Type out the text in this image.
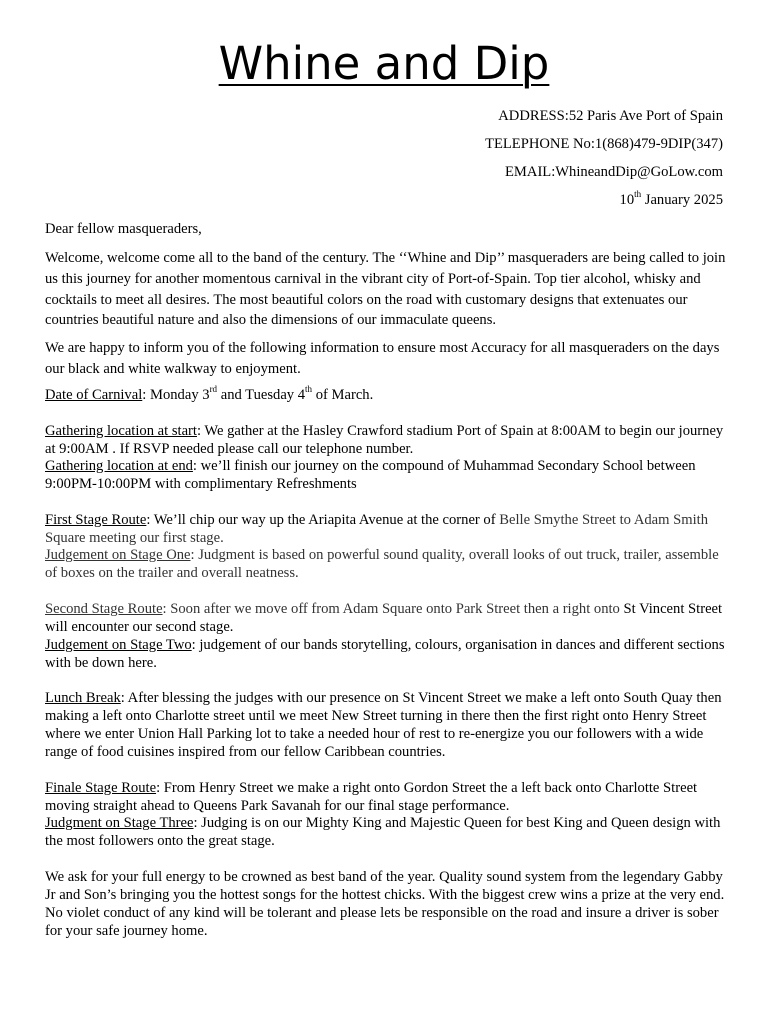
Whine and Dip
ADDRESS:52 Paris Ave Port of Spain
TELEPHONE No:1(868)479-9DIP(347)
EMAIL:WhineandDip@GoLow.com
10th January 2025
Dear fellow masqueraders,
Welcome, welcome come all to the band of the century. The ‘‘Whine and Dip’’ masqueraders are being called to join us this journey for another momentous carnival in the vibrant city of Port-of-Spain. Top tier alcohol, whisky and cocktails to meet all desires. The most beautiful colors on the road with customary designs that extenuates our countries beautiful nature and also the dimensions of our immaculate queens.
We are happy to inform you of the following information to ensure most Accuracy for all masqueraders on the days our black and white walkway to enjoyment.
Date of Carnival: Monday 3rd and Tuesday 4th of March.
Gathering location at start: We gather at the Hasley Crawford stadium Port of Spain at 8:00AM to begin our journey at 9:00AM . If RSVP needed please call our telephone number.
Gathering location at end: we’ll finish our journey on the compound of Muhammad Secondary School between 9:00PM-10:00PM with complimentary Refreshments
First Stage Route: We’ll chip our way up the Ariapita Avenue at the corner of Belle Smythe Street to Adam Smith Square meeting our first stage.
Judgement on Stage One: Judgment is based on powerful sound quality, overall looks of out truck, trailer, assemble of boxes on the trailer and overall neatness.
Second Stage Route: Soon after we move off from Adam Square onto Park Street then a right onto St Vincent Street will encounter our second stage.
Judgement on Stage Two: judgement of our bands storytelling, colours, organisation in dances and different sections with be down here.
Lunch Break: After blessing the judges with our presence on St Vincent Street we make a left onto South Quay then making a left onto Charlotte street until we meet New Street turning in there then the first right onto Henry Street where we enter Union Hall Parking lot to take a needed hour of rest to re-energize you our followers with a wide range of food cuisines inspired from our fellow Caribbean countries.
Finale Stage Route: From Henry Street we make a right onto Gordon Street the a left back onto Charlotte Street moving straight ahead to Queens Park Savanah for our final stage performance.
Judgment on Stage Three: Judging is on our Mighty King and Majestic Queen for best King and Queen design with the most followers onto the great stage.
We ask for your full energy to be crowned as best band of the year. Quality sound system from the legendary Gabby Jr and Son’s bringing you the hottest songs for the hottest chicks. With the biggest crew wins a prize at the very end. No violet conduct of any kind will be tolerant and please lets be responsible on the road and insure a driver is sober for your safe journey home.
